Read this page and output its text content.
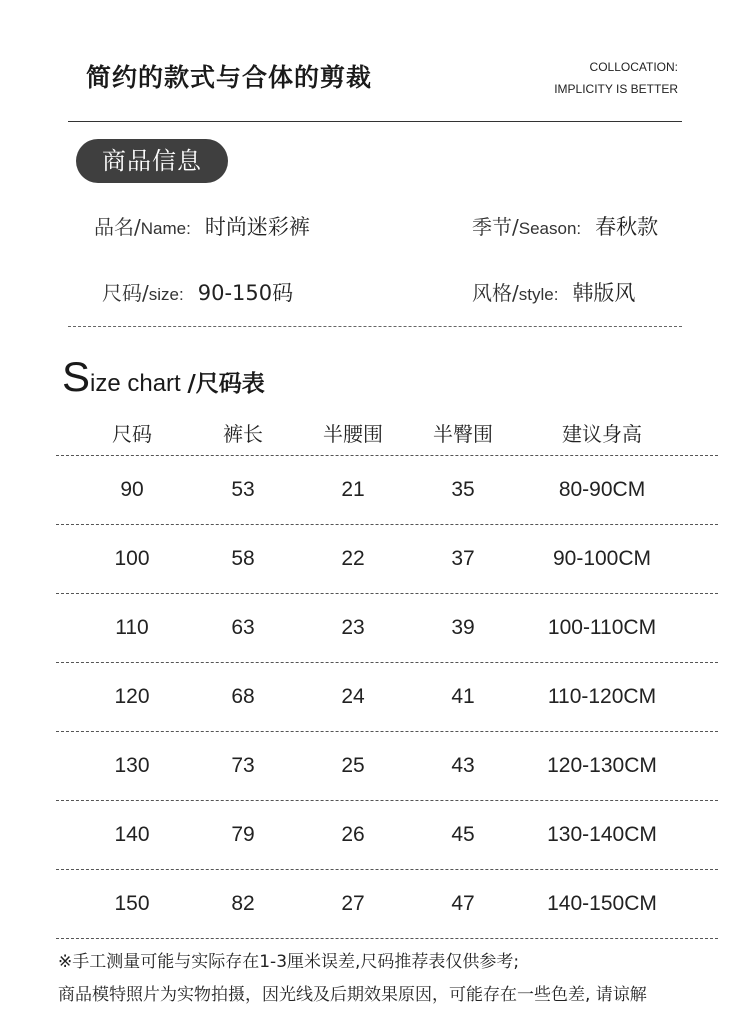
简约的款式与合体的剪裁	COLLOCATION:
IMPLICITY IS BETTER
商品信息
品名/Name: 时尚迷彩裤	季节/Season: 春秋款
尺码/size: 90-150码	风格/style: 韩版风
Size chart /尺码表
尺码	裤长	半腰围	半臀围	建议身高
90	53	21	35	80-90CM
100	58	22	37	90-100CM
110	63	23	39	100-110CM
120	68	24	41	110-120CM
130	73	25	43	120-130CM
140	79	26	45	130-140CM
150	82	27	47	140-150CM
※手工测量可能与实际存在1-3厘米误差,尺码推荐表仅供参考;
商品模特照片为实物拍摄，因光线及后期效果原因，可能存在一些色差, 请谅解
